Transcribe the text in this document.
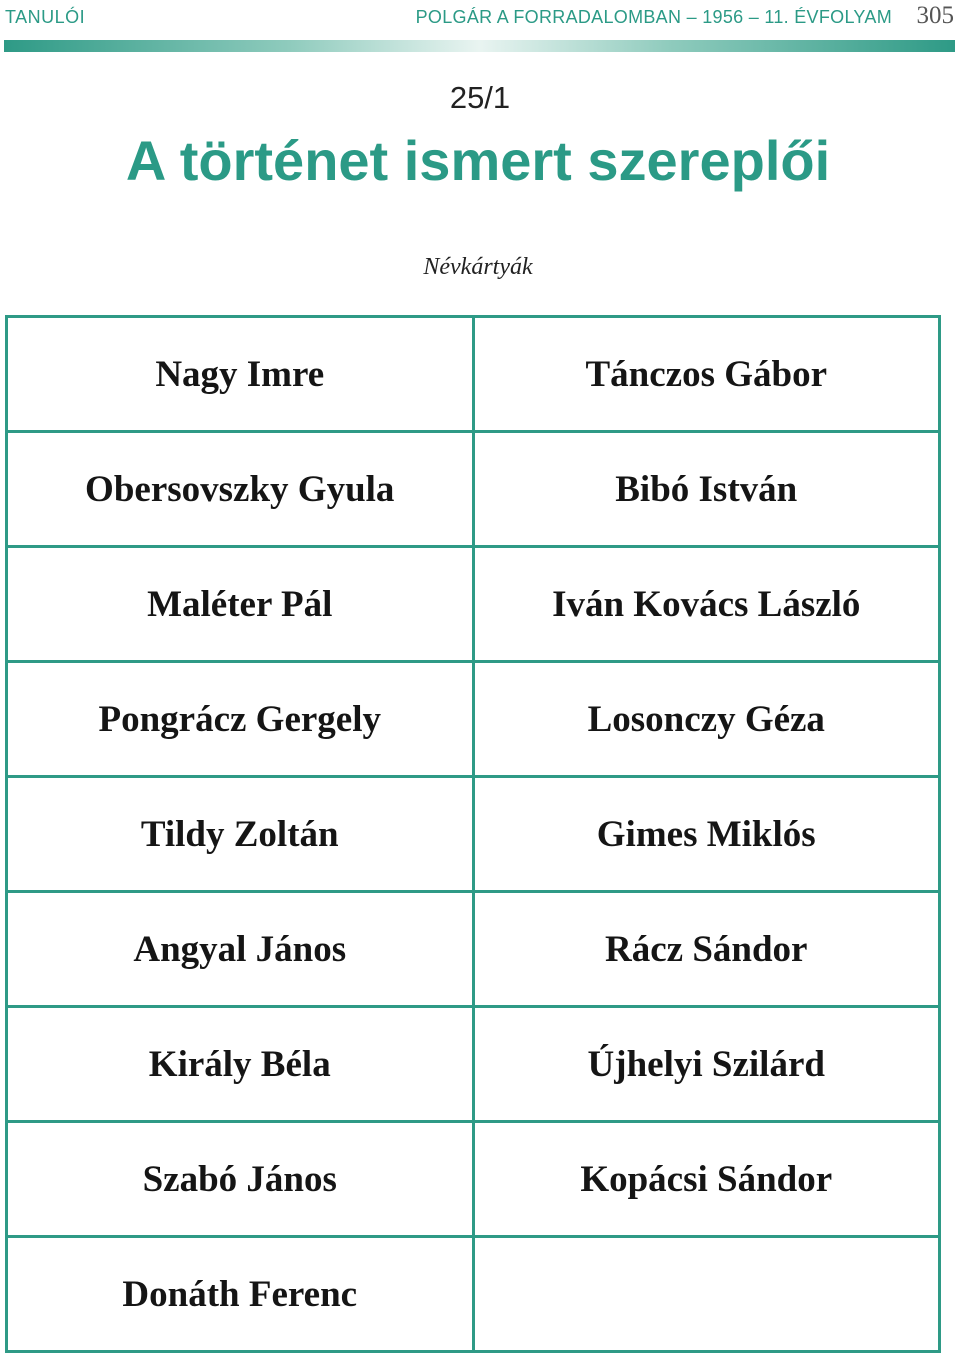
TANULÓI	POLGÁR A FORRADALOMBAN – 1956 – 11. ÉVFOLYAM 305
25/1
A történet ismert szereplői
Névkártyák
Nagy Imre	Tánczos Gábor
Obersovszky Gyula	Bibó István
Maléter Pál	Iván Kovács László
Pongrácz Gergely	Losonczy Géza
Tildy Zoltán	Gimes Miklós
Angyal János	Rácz Sándor
Király Béla	Újhelyi Szilárd
Szabó János	Kopácsi Sándor
Donáth Ferenc
